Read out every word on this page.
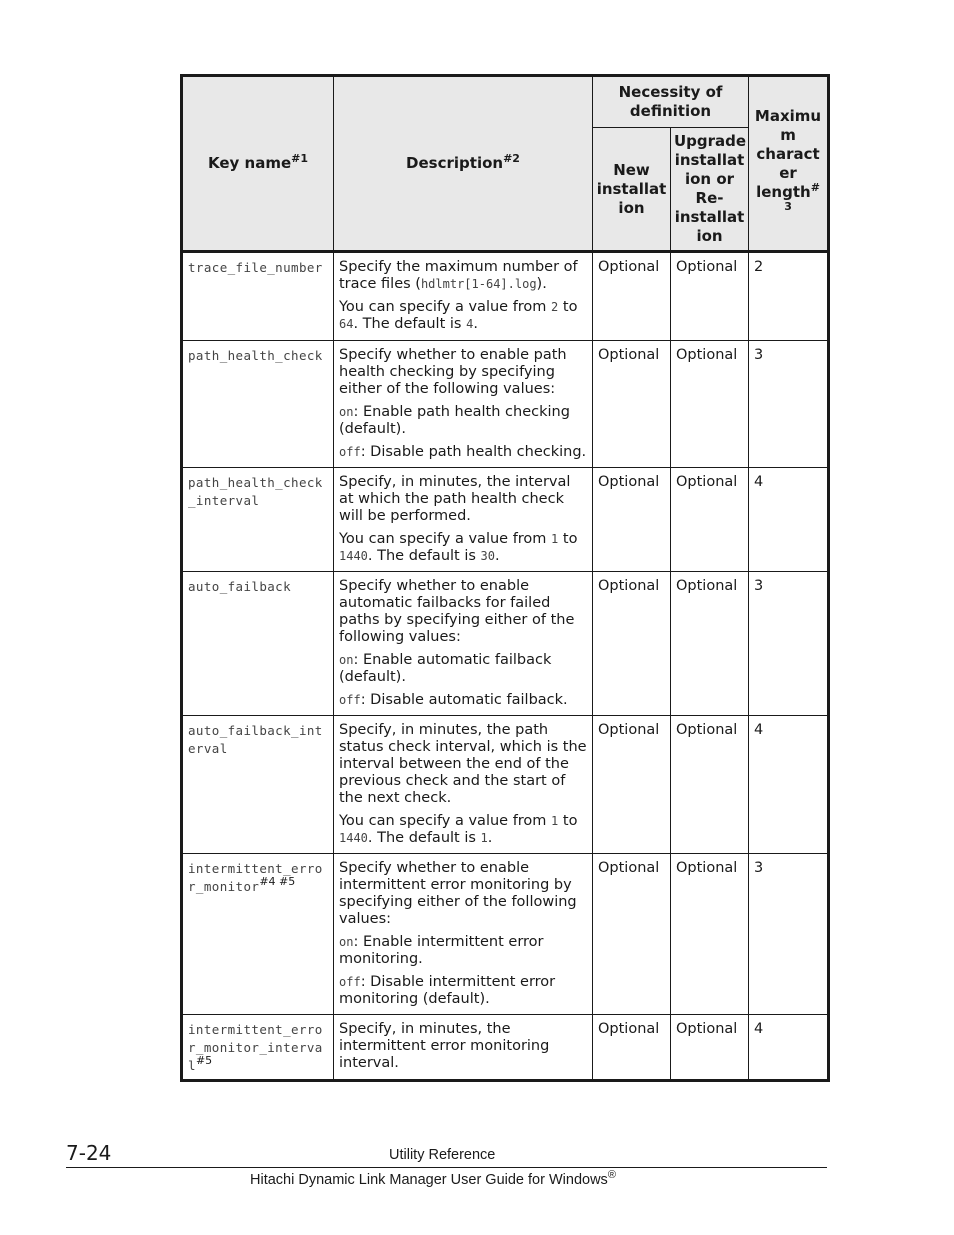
Key name$^{\#1}$	Description$^{\#2}$	Necessity of definition		Maximu m charact er length$^{\# 3}$
		New installat ion	Upgrade installat ion or Re-installat ion	
trace_file_number	Specify the maximum number of trace files (hdlmtr[1-64].log).

You can specify a value from 2 to 64. The default is 4.	Optional	Optional	2
path_health_check	Specify whether to enable path health checking by specifying either of the following values:

on: Enable path health checking (default).

off: Disable path health checking.	Optional	Optional	3
path_health_check_interval	Specify, in minutes, the interval at which the path health check will be performed.

You can specify a value from 1 to 1440. The default is 30.	Optional	Optional	4
auto_failback	Specify whether to enable automatic failbacks for failed paths by specifying either of the following values:

on: Enable automatic failback (default).

off: Disable automatic failback.	Optional	Optional	3
auto_failback_interval	Specify, in minutes, the path status check interval, which is the interval between the end of the previous check and the start of the next check.

You can specify a value from 1 to 1440. The default is 1.	Optional	Optional	4
intermittent_error_monitor$^{\#4 \#5}$	Specify whether to enable intermittent error monitoring by specifying either of the following values:

on: Enable intermittent error monitoring.

off: Disable intermittent error monitoring (default).	Optional	Optional	3
intermittent_error_monitor_interval$^{\#5}$	Specify, in minutes, the intermittent error monitoring interval.	Optional	Optional	4
7-24	Utility Reference
Hitachi Dynamic Link Manager User Guide for Windows®
